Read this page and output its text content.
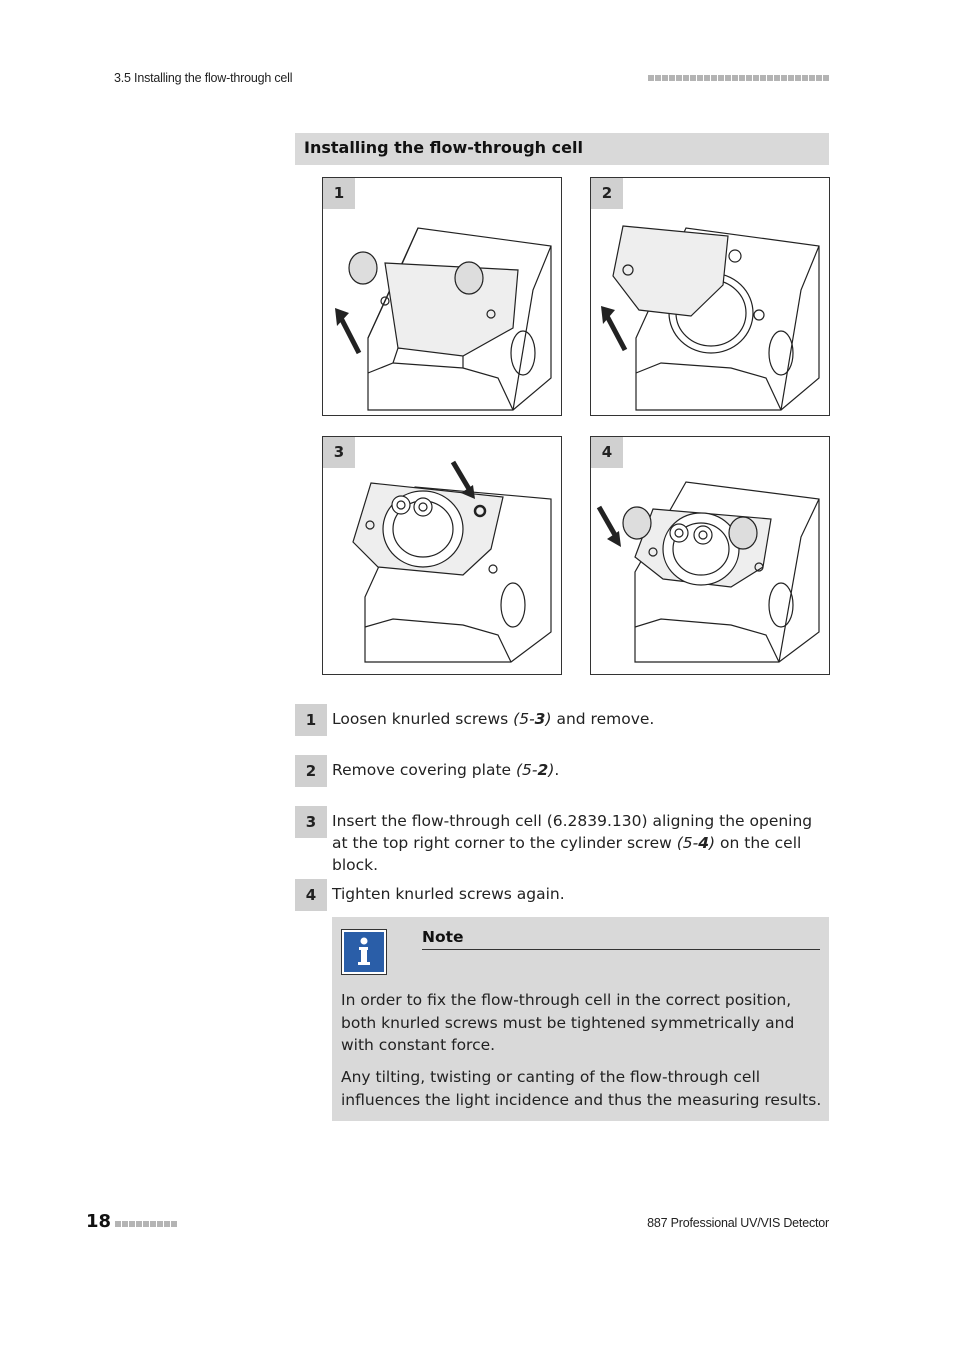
3.5 Installing the flow-through cell
Installing the flow-through cell
1	2
3	4
1	Loosen knurled screws (5-3) and remove.
2	Remove covering plate (5-2).
3	Insert the flow-through cell (6.2839.130) aligning the opening at the top right corner to the cylinder screw (5-4) on the cell block.
4	Tighten knurled screws again.
Note
In order to fix the flow-through cell in the correct position, both knurled screws must be tightened symmetrically and with constant force.
Any tilting, twisting or canting of the flow-through cell influences the light incidence and thus the measuring results.
18	887 Professional UV/VIS Detector
